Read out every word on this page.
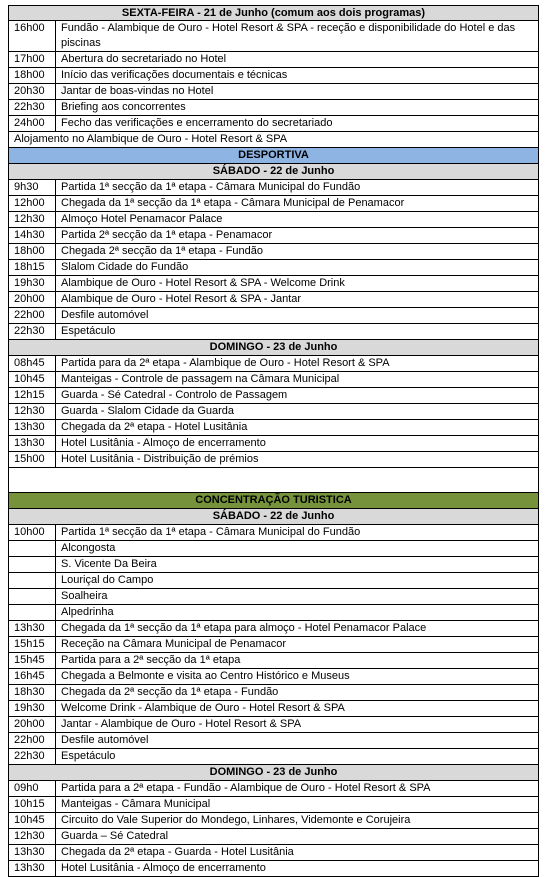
SEXTA-FEIRA - 21 de Junho (comum aos dois programas)
16h00	Fundão - Alambique de Ouro - Hotel Resort & SPA - receção e disponibilidade do Hotel e das piscinas
17h00	Abertura do secretariado no Hotel
18h00	Início das verificações documentais e técnicas
20h30	Jantar de boas-vindas no Hotel
22h30	Briefing aos concorrentes
24h00	Fecho das verificações e encerramento do secretariado
Alojamento no Alambique de Ouro - Hotel Resort & SPA
DESPORTIVA
SÁBADO - 22 de Junho
9h30	Partida 1ª secção da 1ª etapa - Câmara Municipal do Fundão
12h00	Chegada da 1ª secção da 1ª etapa - Câmara Municipal de Penamacor
12h30	Almoço Hotel Penamacor Palace
14h30	Partida 2ª secção da 1ª etapa - Penamacor
18h00	Chegada 2ª secção da 1ª etapa - Fundão
18h15	Slalom Cidade do Fundão
19h30	Alambique de Ouro - Hotel Resort & SPA - Welcome Drink
20h00	Alambique de Ouro - Hotel Resort & SPA - Jantar
22h00	Desfile automóvel
22h30	Espetáculo
DOMINGO - 23 de Junho
08h45	Partida para da 2ª etapa - Alambique de Ouro - Hotel Resort & SPA
10h45	Manteigas - Controle de passagem na Câmara Municipal
12h15	Guarda - Sé Catedral - Controlo de Passagem
12h30	Guarda - Slalom Cidade da Guarda
13h30	Chegada da 2ª etapa - Hotel Lusitânia
13h30	Hotel Lusitânia - Almoço de encerramento
15h00	Hotel Lusitânia - Distribuição de prémios
CONCENTRAÇÃO TURISTICA
SÁBADO - 22 de Junho
10h00	Partida 1ª secção da 1ª etapa - Câmara Municipal do Fundão
Alcongosta
S. Vicente Da Beira
Louriçal do Campo
Soalheira
Alpedrinha
13h30	Chegada da 1ª secção da 1ª etapa para almoço - Hotel Penamacor Palace
15h15	Receção na Câmara Municipal de Penamacor
15h45	Partida para a 2ª secção da 1ª etapa
16h45	Chegada a Belmonte e visita ao Centro Histórico e Museus
18h30	Chegada da 2ª secção da 1ª etapa - Fundão
19h30	Welcome Drink - Alambique de Ouro - Hotel Resort & SPA
20h00	Jantar - Alambique de Ouro - Hotel Resort & SPA
22h00	Desfile automóvel
22h30	Espetáculo
DOMINGO - 23 de Junho
09h0	Partida para a 2ª etapa - Fundão - Alambique de Ouro - Hotel Resort & SPA
10h15	Manteigas - Câmara Municipal
10h45	Circuito do Vale Superior do Mondego, Linhares, Videmonte e Corujeira
12h30	Guarda – Sé Catedral
13h30	Chegada da 2ª etapa - Guarda - Hotel Lusitânia
13h30	Hotel Lusitânia - Almoço de encerramento
